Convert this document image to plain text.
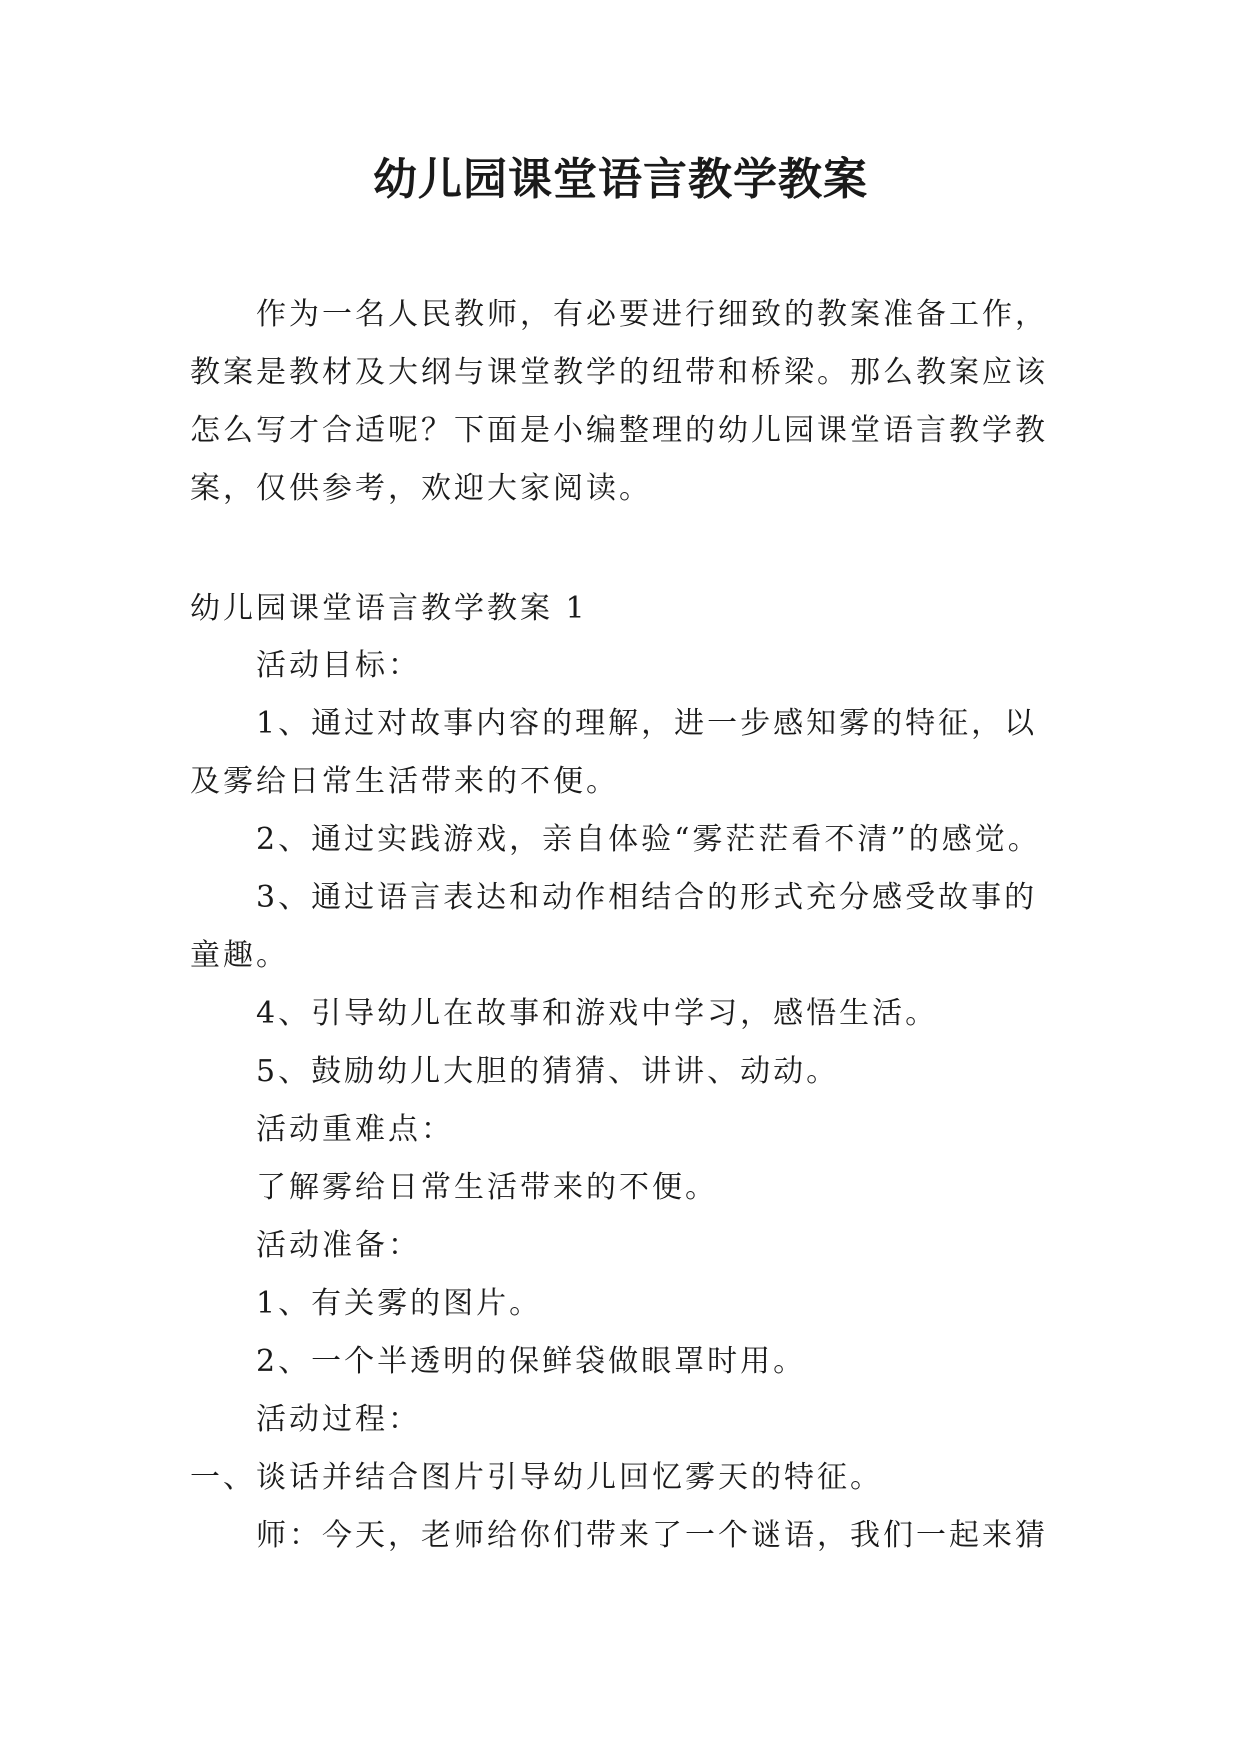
幼儿园课堂语言教学教案

作为一名人民教师，有必要进行细致的教案准备工作，教案是教材及大纲与课堂教学的纽带和桥梁。那么教案应该怎么写才合适呢？下面是小编整理的幼儿园课堂语言教学教案，仅供参考，欢迎大家阅读。

幼儿园课堂语言教学教案 1

活动目标：

1、通过对故事内容的理解，进一步感知雾的特征，以及雾给日常生活带来的不便。

2、通过实践游戏，亲自体验“雾茫茫看不清”的感觉。

3、通过语言表达和动作相结合的形式充分感受故事的童趣。

4、引导幼儿在故事和游戏中学习，感悟生活。

5、鼓励幼儿大胆的猜猜、讲讲、动动。

活动重难点：

了解雾给日常生活带来的不便。

活动准备：

1、有关雾的图片。

2、一个半透明的保鲜袋做眼罩时用。

活动过程：

一、谈话并结合图片引导幼儿回忆雾天的特征。

师：今天，老师给你们带来了一个谜语，我们一起来猜
